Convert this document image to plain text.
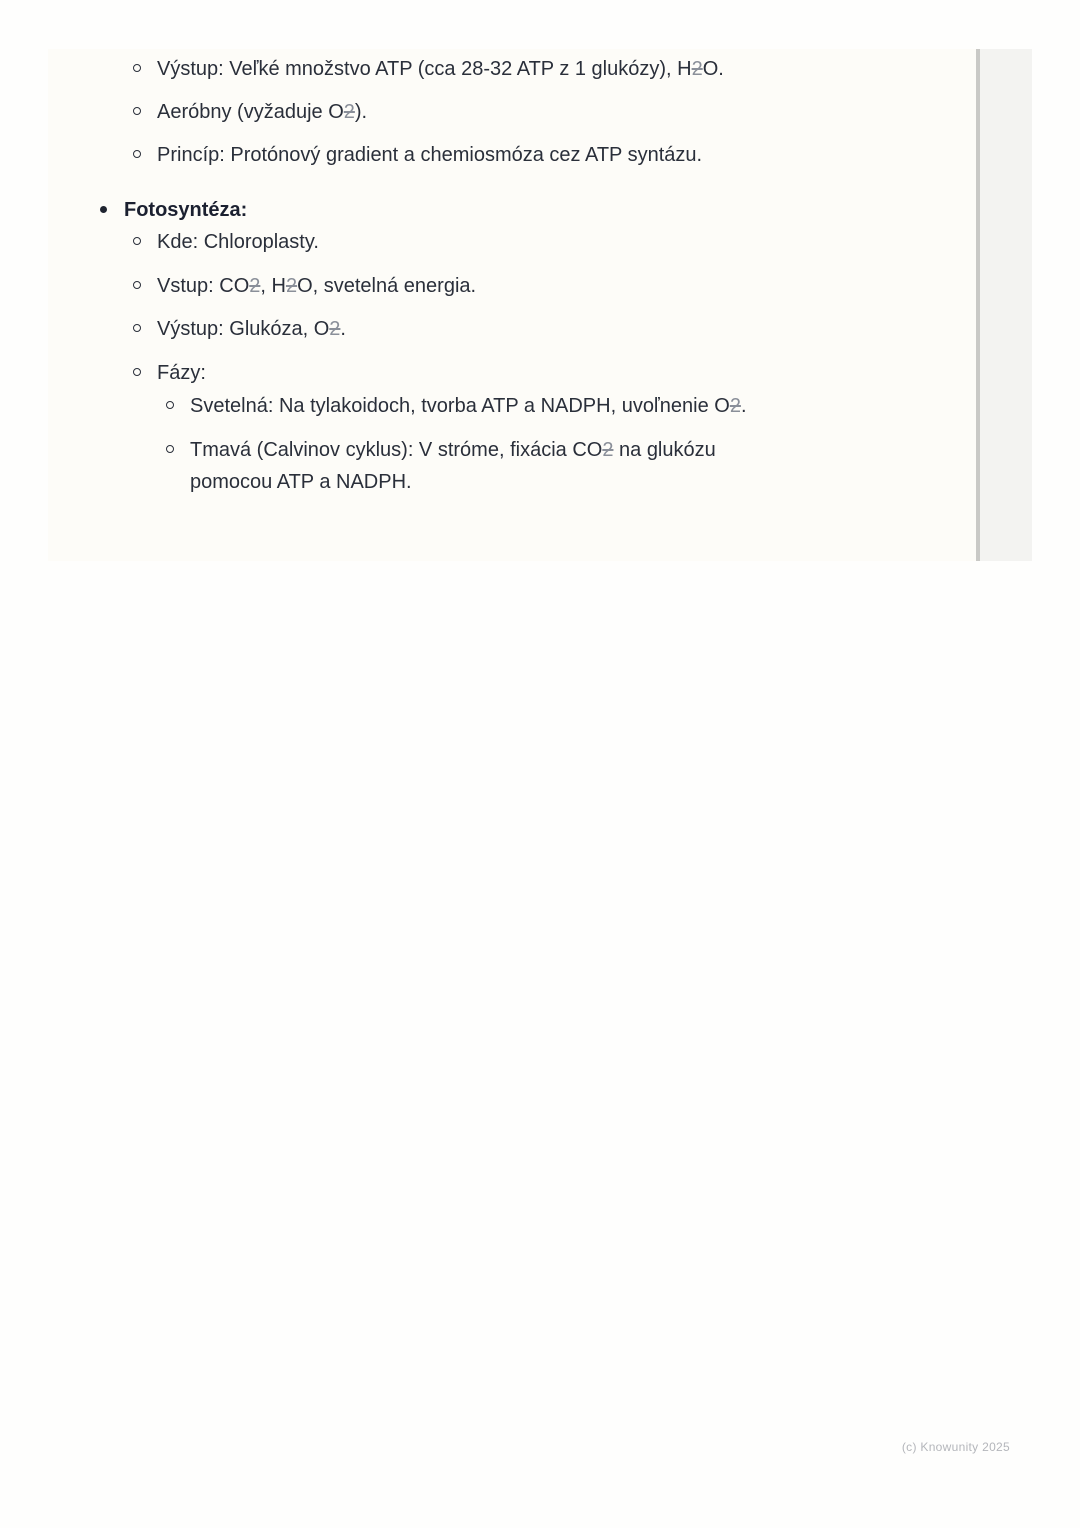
Výstup: Veľké množstvo ATP (cca 28-32 ATP z 1 glukózy), H2O.
Aeróbny (vyžaduje O2).
Princíp: Protónový gradient a chemiosmóza cez ATP syntázu.
Fotosyntéza:
Kde: Chloroplasty.
Vstup: CO2, H2O, svetelná energia.
Výstup: Glukóza, O2.
Fázy:
Svetelná: Na tylakoidoch, tvorba ATP a NADPH, uvoľnenie O2.
Tmavá (Calvinov cyklus): V stróme, fixácia CO2 na glukózu
pomocou ATP a NADPH.
(c) Knowunity 2025
